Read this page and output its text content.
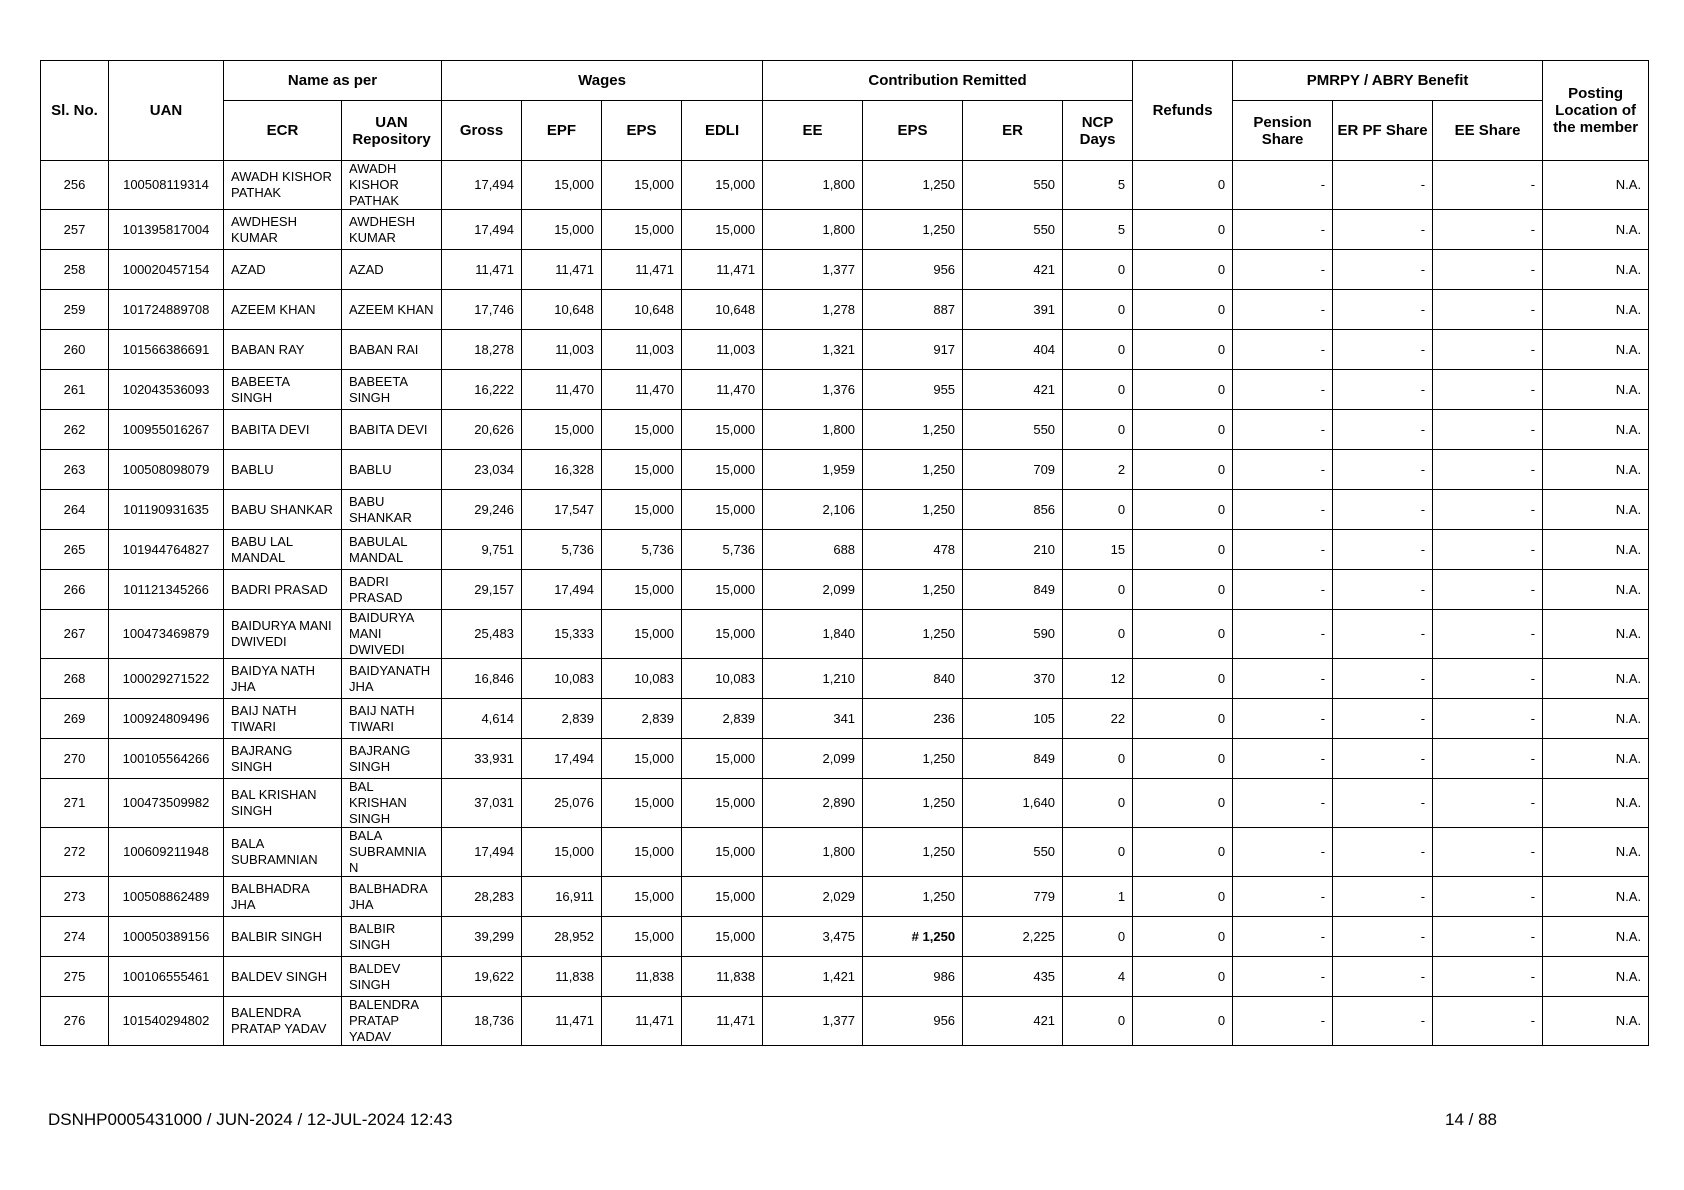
Sl. No.	UAN	Name as per		Wages				Contribution Remitted				Refunds	PMRPY / ABRY Benefit			Posting Location of the member
		ECR	UAN Repository	Gross	EPF	EPS	EDLI	EE	EPS	ER	NCP Days		Pension Share	ER PF Share	EE Share	
256	100508119314	AWADH KISHOR PATHAK	AWADH KISHOR PATHAK	17,494	15,000	15,000	15,000	1,800	1,250	550	5	0	-	-	-	N.A.
257	101395817004	AWDHESH KUMAR	AWDHESH KUMAR	17,494	15,000	15,000	15,000	1,800	1,250	550	5	0	-	-	-	N.A.
258	100020457154	AZAD	AZAD	11,471	11,471	11,471	11,471	1,377	956	421	0	0	-	-	-	N.A.
259	101724889708	AZEEM KHAN	AZEEM KHAN	17,746	10,648	10,648	10,648	1,278	887	391	0	0	-	-	-	N.A.
260	101566386691	BABAN RAY	BABAN RAI	18,278	11,003	11,003	11,003	1,321	917	404	0	0	-	-	-	N.A.
261	102043536093	BABEETA SINGH	BABEETA SINGH	16,222	11,470	11,470	11,470	1,376	955	421	0	0	-	-	-	N.A.
262	100955016267	BABITA DEVI	BABITA DEVI	20,626	15,000	15,000	15,000	1,800	1,250	550	0	0	-	-	-	N.A.
263	100508098079	BABLU	BABLU	23,034	16,328	15,000	15,000	1,959	1,250	709	2	0	-	-	-	N.A.
264	101190931635	BABU SHANKAR	BABU SHANKAR	29,246	17,547	15,000	15,000	2,106	1,250	856	0	0	-	-	-	N.A.
265	101944764827	BABU LAL MANDAL	BABULAL MANDAL	9,751	5,736	5,736	5,736	688	478	210	15	0	-	-	-	N.A.
266	101121345266	BADRI PRASAD	BADRI PRASAD	29,157	17,494	15,000	15,000	2,099	1,250	849	0	0	-	-	-	N.A.
267	100473469879	BAIDURYA MANI DWIVEDI	BAIDURYA MANI DWIVEDI	25,483	15,333	15,000	15,000	1,840	1,250	590	0	0	-	-	-	N.A.
268	100029271522	BAIDYA NATH JHA	BAIDYANATH JHA	16,846	10,083	10,083	10,083	1,210	840	370	12	0	-	-	-	N.A.
269	100924809496	BAIJ NATH TIWARI	BAIJ NATH TIWARI	4,614	2,839	2,839	2,839	341	236	105	22	0	-	-	-	N.A.
270	100105564266	BAJRANG SINGH	BAJRANG SINGH	33,931	17,494	15,000	15,000	2,099	1,250	849	0	0	-	-	-	N.A.
271	100473509982	BAL KRISHAN SINGH	BAL KRISHAN SINGH	37,031	25,076	15,000	15,000	2,890	1,250	1,640	0	0	-	-	-	N.A.
272	100609211948	BALA SUBRAMNIAN	BALA SUBRAMNIA N	17,494	15,000	15,000	15,000	1,800	1,250	550	0	0	-	-	-	N.A.
273	100508862489	BALBHADRA JHA	BALBHADRA JHA	28,283	16,911	15,000	15,000	2,029	1,250	779	1	0	-	-	-	N.A.
274	100050389156	BALBIR SINGH	BALBIR SINGH	39,299	28,952	15,000	15,000	3,475	# 1,250	2,225	0	0	-	-	-	N.A.
275	100106555461	BALDEV SINGH	BALDEV SINGH	19,622	11,838	11,838	11,838	1,421	986	435	4	0	-	-	-	N.A.
276	101540294802	BALENDRA PRATAP YADAV	BALENDRA PRATAP YADAV	18,736	11,471	11,471	11,471	1,377	956	421	0	0	-	-	-	N.A.
DSNHP0005431000 / JUN-2024 / 12-JUL-2024 12:43	14 / 88
